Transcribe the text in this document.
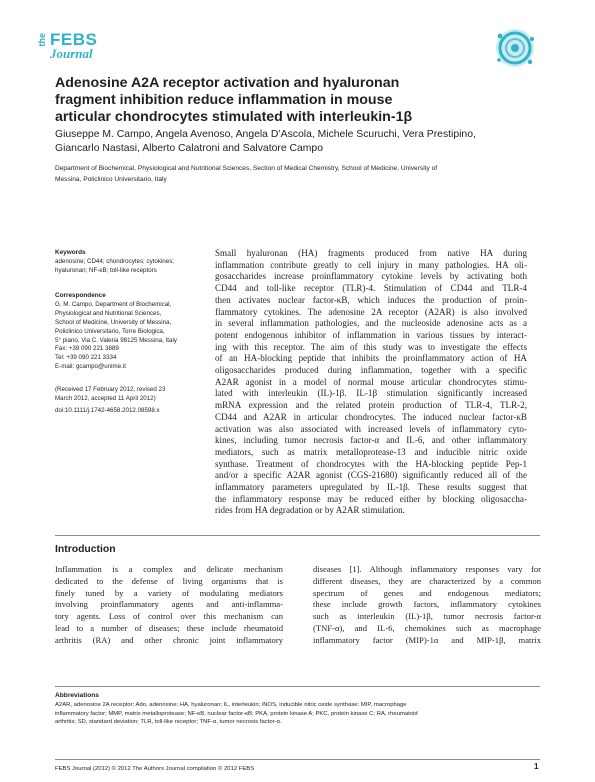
the FEBS
Journal
Adenosine A2A receptor activation and hyaluronan
fragment inhibition reduce inflammation in mouse
articular chondrocytes stimulated with interleukin-1β

Giuseppe M. Campo, Angela Avenoso, Angela D’Ascola, Michele Scuruchi, Vera Prestipino,
Giancarlo Nastasi, Alberto Calatroni and Salvatore Campo

Department of Biochemical, Physiological and Nutritional Sciences, Section of Medical Chemistry, School of Medicine, University of
Messina, Policlinico Universitario, Italy

Keywords
adenosine; CD44; chondrocytes; cytokines;
hyaluronan; NF-κB; toll-like receptors
Correspondence
G. M. Campo, Department of Biochemical,
Physiological and Nutritional Sciences,
School of Medicine, University of Messina,
Policlinico Universitario, Torre Biologica,
5° piano, Via C. Valeria 98125 Messina, Italy
Fax: +39 090 221 3889
Tel: +39 090 221 3334
E-mail: gcampo@unime.it
(Received 17 February 2012, revised 23
March 2012, accepted 11 April 2012)
doi:10.1111/j.1742-4658.2012.08598.x
Small hyaluronan (HA) fragments produced from native HA during
inflammation contribute greatly to cell injury in many pathologies. HA oli-
gosaccharides increase proinflammatory cytokine levels by activating both
CD44 and toll-like receptor (TLR)-4. Stimulation of CD44 and TLR-4
then activates nuclear factor-κB, which induces the production of proin-
flammatory cytokines. The adenosine 2A receptor (A2AR) is also involved
in several inflammation pathologies, and the nucleoside adenosine acts as a
potent endogenous inhibitor of inflammation in various tissues by interact-
ing with this receptor. The aim of this study was to investigate the effects
of an HA-blocking peptide that inhibits the proinflammatory action of HA
oligosaccharides produced during inflammation, together with a specific
A2AR agonist in a model of normal mouse articular chondrocytes stimu-
lated with interleukin (IL)-1β. IL-1β stimulation significantly increased
mRNA expression and the related protein production of TLR-4, TLR-2,
CD44 and A2AR in articular chondrocytes. The induced nuclear factor-κB
activation was also associated with increased levels of inflammatory cyto-
kines, including tumor necrosis factor-α and IL-6, and other inflammatory
mediators, such as matrix metalloprotease-13 and inducible nitric oxide
synthase. Treatment of chondrocytes with the HA-blocking peptide Pep-1
and/or a specific A2AR agonist (CGS-21680) significantly reduced all of the
inflammatory parameters upregulated by IL-1β. These results suggest that
the inflammatory response may be reduced either by blocking oligosaccha-
rides from HA degradation or by A2AR stimulation.
Introduction
Inflammation is a complex and delicate mechanism
dedicated to the defense of living organisms that is
finely tuned by a variety of modulating mediators
involving proinflammatory agents and anti-inflamma-
tory agents. Loss of control over this mechanism can
lead to a number of diseases; these include rheumatoid
arthritis (RA) and other chronic joint inflammatory
diseases [1]. Although inflammatory responses vary for
different diseases, they are characterized by a common
spectrum of genes and endogenous mediators;
these include growth factors, inflammatory cytokines
such as interleukin (IL)-1β, tumor necrosis factor-α
(TNF-α), and IL-6, chemokines such as macrophage
inflammatory factor (MIP)-1α and MIP-1β, matrix

Abbreviations

A2AR, adenosine 2A receptor; Ado, adenosine; HA, hyaluronan; IL, interleukin; iNOS, inducible nitric oxide synthase; MIP, macrophage
inflammatory factor; MMP, matrix metalloprotease; NF-κB, nuclear factor-κB; PKA, protein kinase A; PKC, protein kinase C; RA, rheumatoid
arthritis; SD, standard deviation; TLR, toll-like receptor; TNF-α, tumor necrosis factor-α.

FEBS Journal (2012) © 2012 The Authors Journal compilation © 2012 FEBS	1
